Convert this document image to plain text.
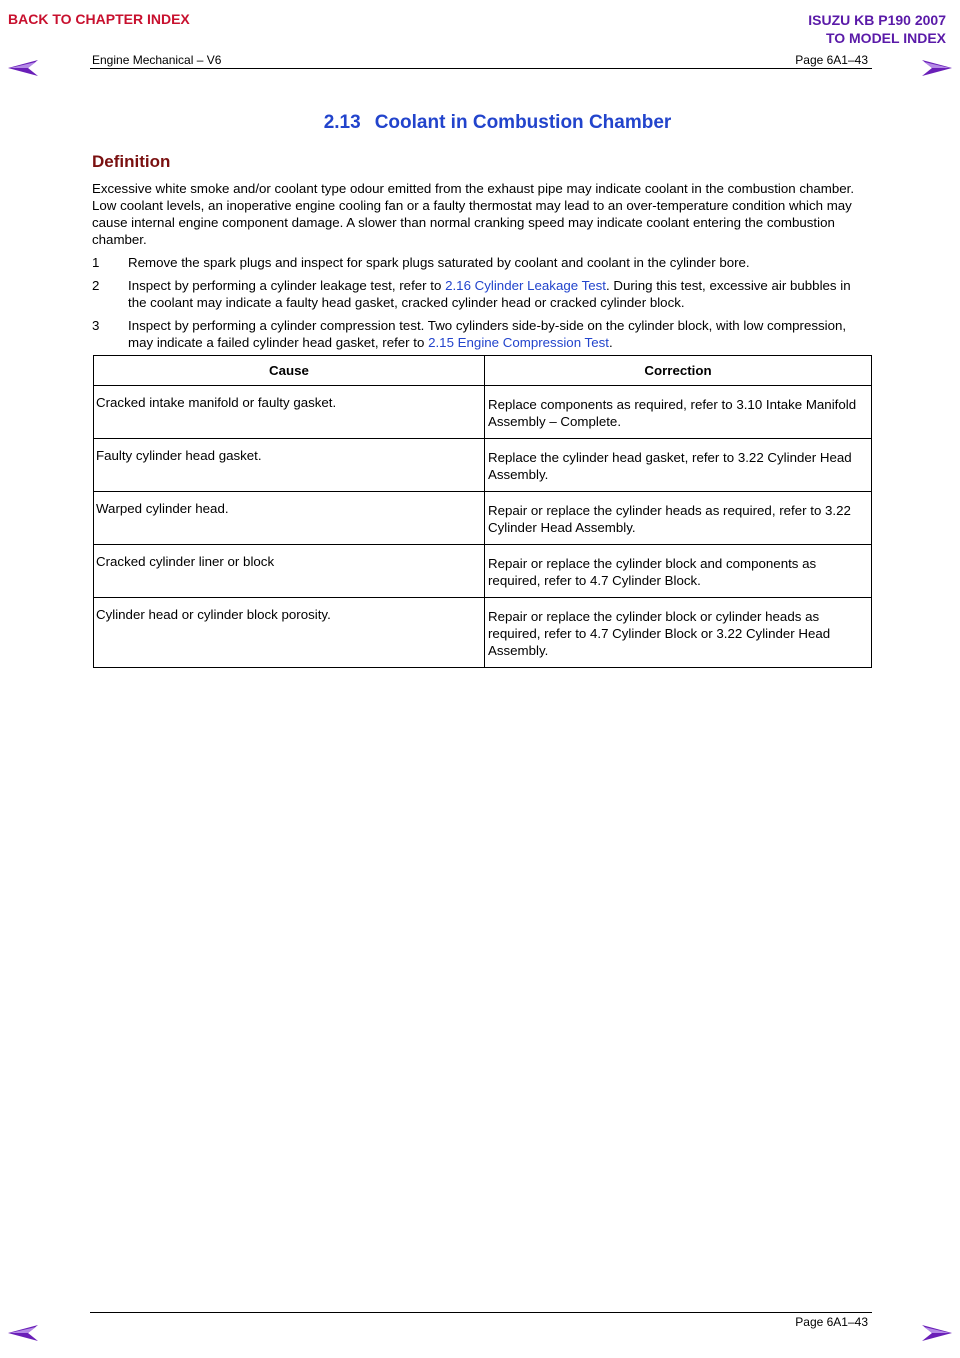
BACK TO CHAPTER INDEX	ISUZU KB P190 2007
TO MODEL INDEX
Engine Mechanical – V6	Page 6A1–43
2.13 Coolant in Combustion Chamber
Definition

Excessive white smoke and/or coolant type odour emitted from the exhaust pipe may indicate coolant in the combustion chamber. Low coolant levels, an inoperative engine cooling fan or a faulty thermostat may lead to an over-temperature condition which may cause internal engine component damage. A slower than normal cranking speed may indicate coolant entering the combustion chamber.

1	Remove the spark plugs and inspect for spark plugs saturated by coolant and coolant in the cylinder bore.
2	Inspect by performing a cylinder leakage test, refer to 2.16 Cylinder Leakage Test. During this test, excessive air bubbles in the coolant may indicate a faulty head gasket, cracked cylinder head or cracked cylinder block.
3	Inspect by performing a cylinder compression test. Two cylinders side-by-side on the cylinder block, with low compression, may indicate a failed cylinder head gasket, refer to 2.15 Engine Compression Test.
Cause	Correction
Cracked intake manifold or faulty gasket.	Replace components as required, refer to 3.10 Intake Manifold Assembly – Complete.
Faulty cylinder head gasket.	Replace the cylinder head gasket, refer to 3.22 Cylinder Head Assembly.
Warped cylinder head.	Repair or replace the cylinder heads as required, refer to 3.22 Cylinder Head Assembly.
Cracked cylinder liner or block	Repair or replace the cylinder block and components as required, refer to 4.7 Cylinder Block.
Cylinder head or cylinder block porosity.	Repair or replace the cylinder block or cylinder heads as required, refer to 4.7 Cylinder Block or 3.22 Cylinder Head Assembly.
Page 6A1–43
